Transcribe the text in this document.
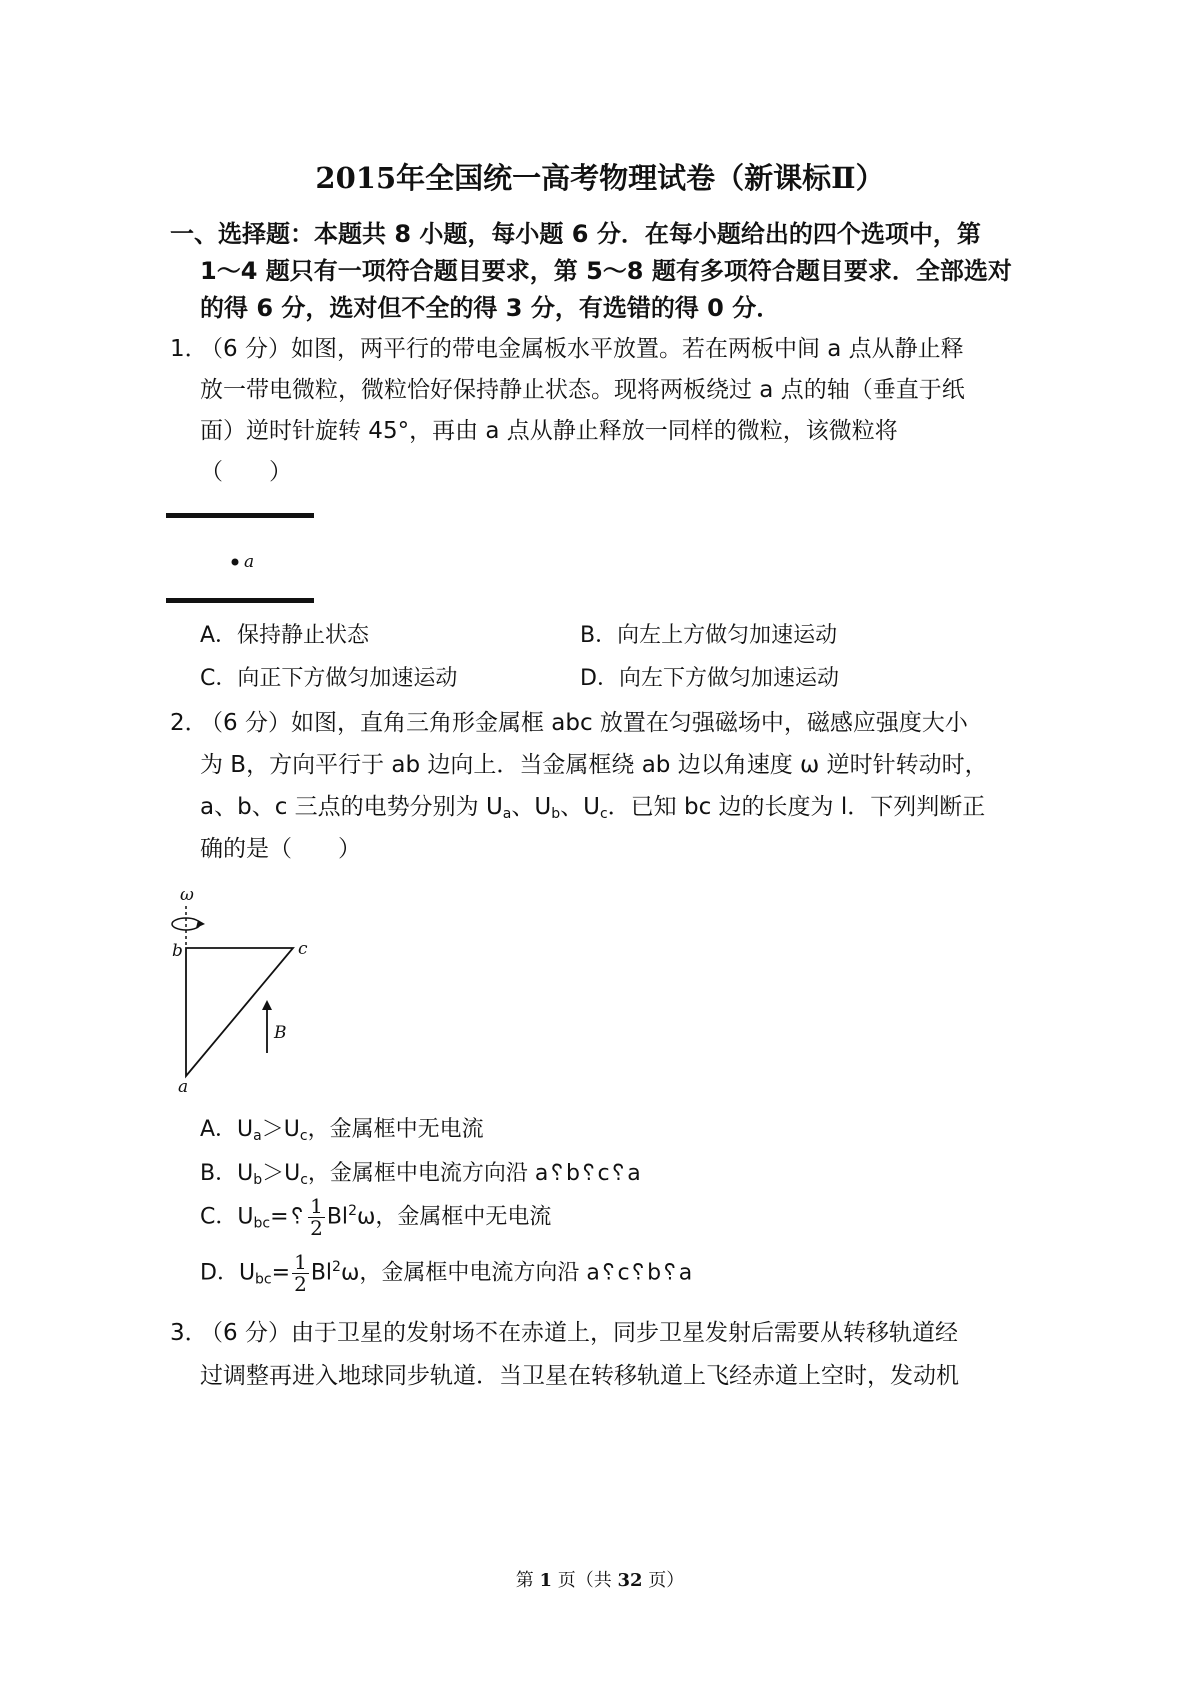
2015年全国统一高考物理试卷（新课标Ⅱ）
一、选择题：本题共 8 小题，每小题 6 分．在每小题给出的四个选项中，第
1～4 题只有一项符合题目要求，第 5～8 题有多项符合题目要求．全部选对
的得 6 分，选对但不全的得 3 分，有选错的得 0 分．
1．
（6 分）如图，两平行的带电金属板水平放置。若在两板中间 a 点从静止释
放一带电微粒，微粒恰好保持静止状态。现将两板绕过 a 点的轴（垂直于纸
面）逆时针旋转 45°，再由 a 点从静止释放一同样的微粒，该微粒将
（　　）
a
A．保持静止状态	B．向左上方做匀加速运动
C．向正下方做匀加速运动	D．向左下方做匀加速运动
2．
（6 分）如图，直角三角形金属框 abc 放置在匀强磁场中，磁感应强度大小
为 B，方向平行于 ab 边向上．当金属框绕 ab 边以角速度 ω 逆时针转动时，
a、b、c 三点的电势分别为 $U_a$、$U_b$、$U_c$．已知 bc 边的长度为 l．下列判断正
确的是（　　）
ω
b	c
B
a
A．$U_a>U_c$，金属框中无电流
B．$U_b>U_c$，金属框中电流方向沿 a␦b␦c␦a
C．$U_{bc}=␦ \frac{1}{2} Bl^2\omega$，金属框中无电流
D．$U_{bc}= \frac{1}{2} Bl^2\omega$，金属框中电流方向沿 a␦c␦b␦a
3．
（6 分）由于卫星的发射场不在赤道上，同步卫星发射后需要从转移轨道经
过调整再进入地球同步轨道．当卫星在转移轨道上飞经赤道上空时，发动机
第 1 页（共 32 页）
